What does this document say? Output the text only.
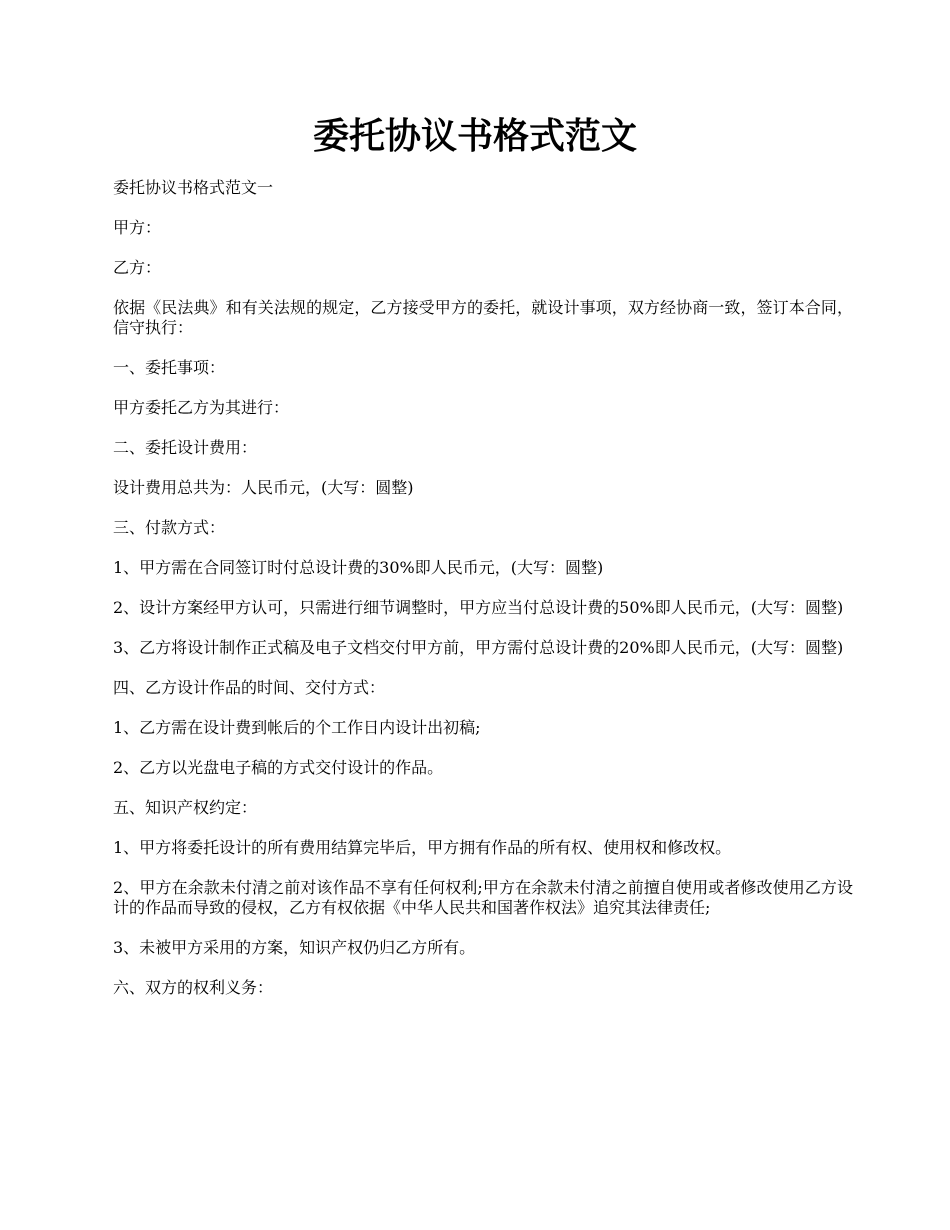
委托协议书格式范文

委托协议书格式范文一

甲方：

乙方：

依据《民法典》和有关法规的规定，乙方接受甲方的委托，就设计事项，双方经协商一致，签订本合同，信守执行：

一、委托事项：

甲方委托乙方为其进行：

二、委托设计费用：

设计费用总共为：人民币元，(大写：圆整)

三、付款方式：

1、甲方需在合同签订时付总设计费的30%即人民币元，(大写：圆整)

2、设计方案经甲方认可，只需进行细节调整时，甲方应当付总设计费的50%即人民币元，(大写：圆整)

3、乙方将设计制作正式稿及电子文档交付甲方前，甲方需付总设计费的20%即人民币元，(大写：圆整)

四、乙方设计作品的时间、交付方式：

1、乙方需在设计费到帐后的个工作日内设计出初稿;

2、乙方以光盘电子稿的方式交付设计的作品。

五、知识产权约定：

1、甲方将委托设计的所有费用结算完毕后，甲方拥有作品的所有权、使用权和修改权。

2、甲方在余款未付清之前对该作品不享有任何权利;甲方在余款未付清之前擅自使用或者修改使用乙方设计的作品而导致的侵权，乙方有权依据《中华人民共和国著作权法》追究其法律责任;

3、未被甲方采用的方案，知识产权仍归乙方所有。

六、双方的权利义务：
